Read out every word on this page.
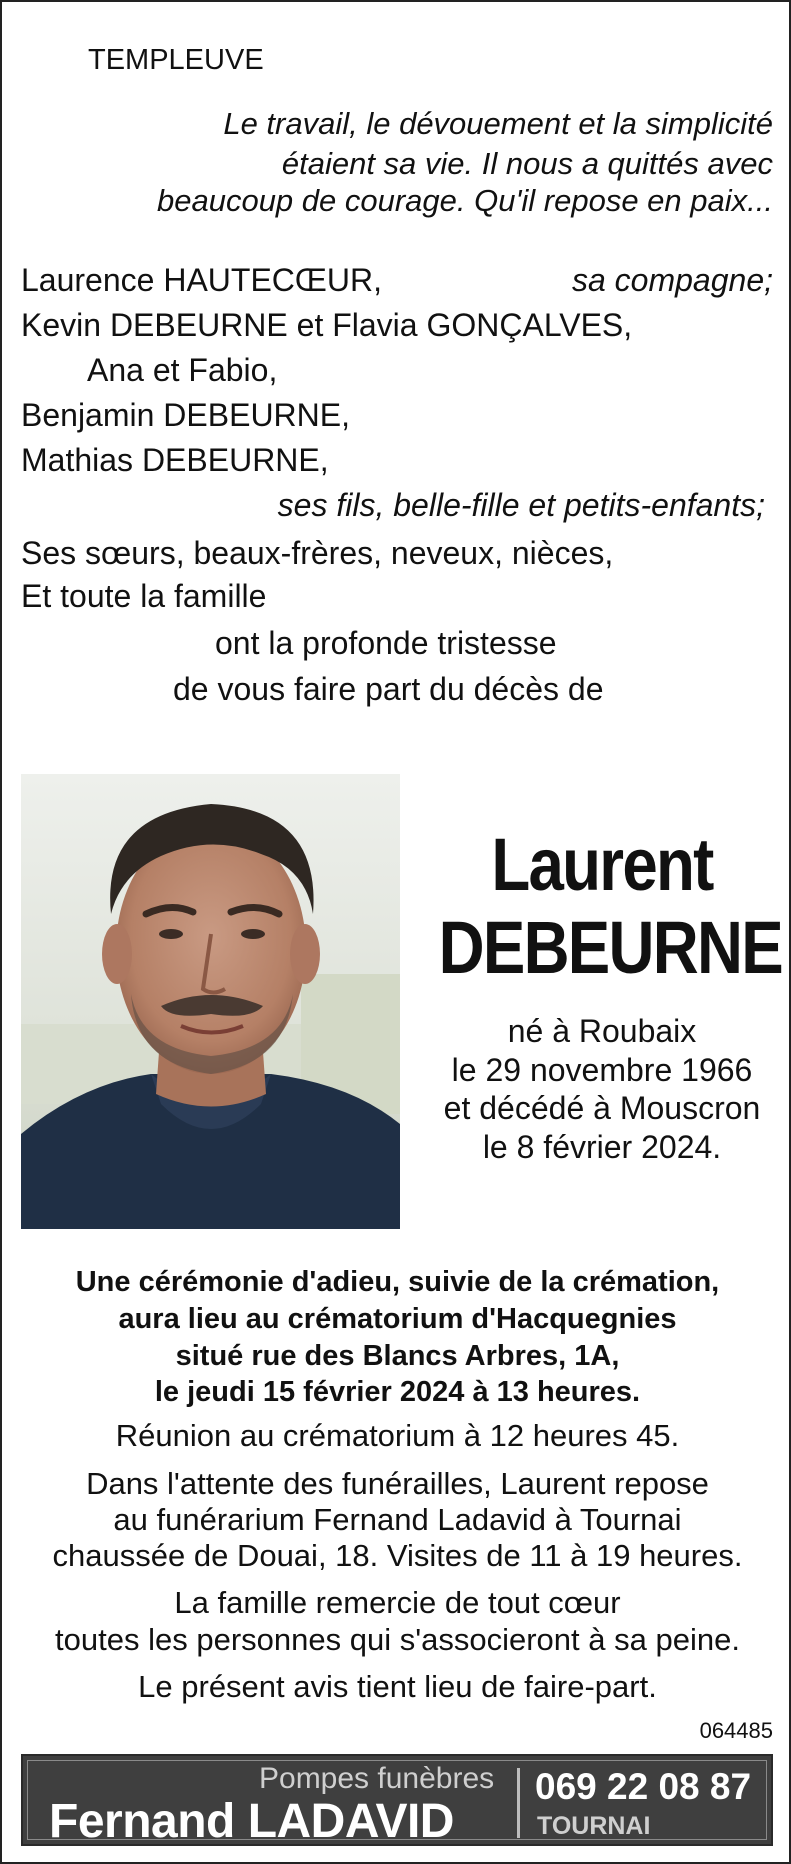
TEMPLEUVE
Le travail, le dévouement et la simplicité
étaient sa vie. Il nous a quittés avec
beaucoup de courage. Qu'il repose en paix...
Laurence HAUTECŒUR,	sa compagne;
Kevin DEBEURNE et Flavia GONÇALVES,
Ana et Fabio,
Benjamin DEBEURNE,
Mathias DEBEURNE,
ses fils, belle-fille et petits-enfants;
Ses sœurs, beaux-frères, neveux, nièces,
Et toute la famille
ont la profonde tristesse
de vous faire part du décès de
Laurent
DEBEURNE
né à Roubaix
le 29 novembre 1966
et décédé à Mouscron
le 8 février 2024.
Une cérémonie d'adieu, suivie de la crémation,
aura lieu au crématorium d'Hacquegnies
situé rue des Blancs Arbres, 1A,
le jeudi 15 février 2024 à 13 heures.
Réunion au crématorium à 12 heures 45.
Dans l'attente des funérailles, Laurent repose
au funérarium Fernand Ladavid à Tournai
chaussée de Douai, 18. Visites de 11 à 19 heures.
La famille remercie de tout cœur
toutes les personnes qui s'associeront à sa peine.
Le présent avis tient lieu de faire-part.
064485
Pompes funèbres
Fernand LADAVID
069 22 08 87
TOURNAI
